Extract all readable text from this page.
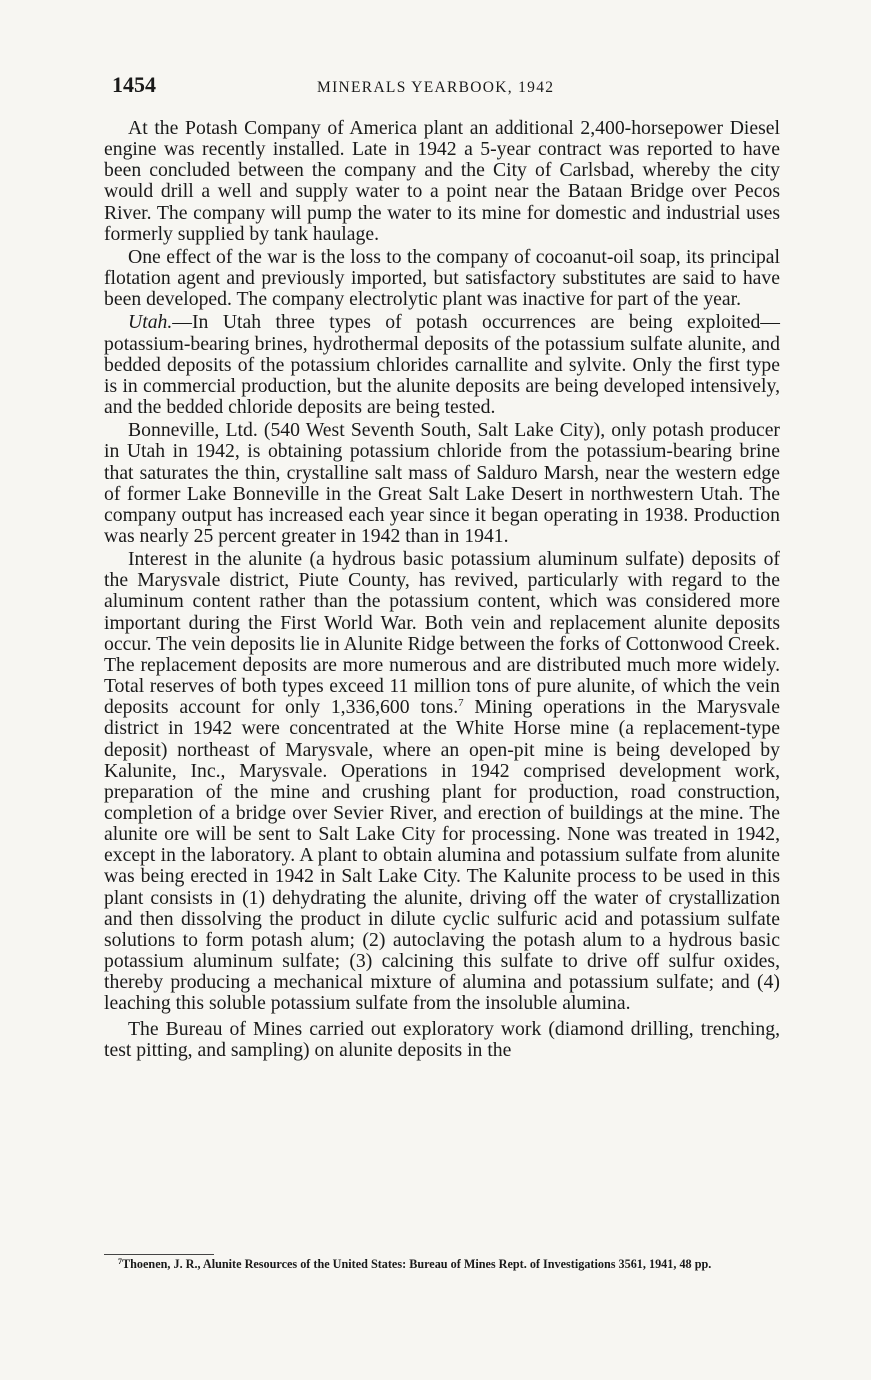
1454	MINERALS YEARBOOK, 1942

At the Potash Company of America plant an additional 2,400-horsepower Diesel engine was recently installed. Late in 1942 a 5-year contract was reported to have been concluded between the company and the City of Carlsbad, whereby the city would drill a well and supply water to a point near the Bataan Bridge over Pecos River. The company will pump the water to its mine for domestic and industrial uses formerly supplied by tank haulage.

One effect of the war is the loss to the company of cocoanut-oil soap, its principal flotation agent and previously imported, but satisfactory substitutes are said to have been developed. The company electrolytic plant was inactive for part of the year.

Utah.—In Utah three types of potash occurrences are being exploited—potassium-bearing brines, hydrothermal deposits of the potassium sulfate alunite, and bedded deposits of the potassium chlorides carnallite and sylvite. Only the first type is in commercial production, but the alunite deposits are being developed intensively, and the bedded chloride deposits are being tested.

Bonneville, Ltd. (540 West Seventh South, Salt Lake City), only potash producer in Utah in 1942, is obtaining potassium chloride from the potassium-bearing brine that saturates the thin, crystalline salt mass of Salduro Marsh, near the western edge of former Lake Bonneville in the Great Salt Lake Desert in northwestern Utah. The company output has increased each year since it began operating in 1938. Production was nearly 25 percent greater in 1942 than in 1941.

Interest in the alunite (a hydrous basic potassium aluminum sulfate) deposits of the Marysvale district, Piute County, has revived, particularly with regard to the aluminum content rather than the potassium content, which was considered more important during the First World War. Both vein and replacement alunite deposits occur. The vein deposits lie in Alunite Ridge between the forks of Cottonwood Creek. The replacement deposits are more numerous and are distributed much more widely. Total reserves of both types exceed 11 million tons of pure alunite, of which the vein deposits account for only 1,336,600 tons.$^7$ Mining operations in the Marysvale district in 1942 were concentrated at the White Horse mine (a replacement-type deposit) northeast of Marysvale, where an open-pit mine is being developed by Kalunite, Inc., Marysvale. Operations in 1942 comprised development work, preparation of the mine and crushing plant for production, road construction, completion of a bridge over Sevier River, and erection of buildings at the mine. The alunite ore will be sent to Salt Lake City for processing. None was treated in 1942, except in the laboratory. A plant to obtain alumina and potassium sulfate from alunite was being erected in 1942 in Salt Lake City. The Kalunite process to be used in this plant consists in (1) dehydrating the alunite, driving off the water of crystallization and then dissolving the product in dilute cyclic sulfuric acid and potassium sulfate solutions to form potash alum; (2) autoclaving the potash alum to a hydrous basic potassium aluminum sulfate; (3) calcining this sulfate to drive off sulfur oxides, thereby producing a mechanical mixture of alumina and potassium sulfate; and (4) leaching this soluble potassium sulfate from the insoluble alumina.

The Bureau of Mines carried out exploratory work (diamond drilling, trenching, test pitting, and sampling) on alunite deposits in the

$^7$Thoenen, J. R., Alunite Resources of the United States: Bureau of Mines Rept. of Investigations 3561, 1941, 48 pp.
